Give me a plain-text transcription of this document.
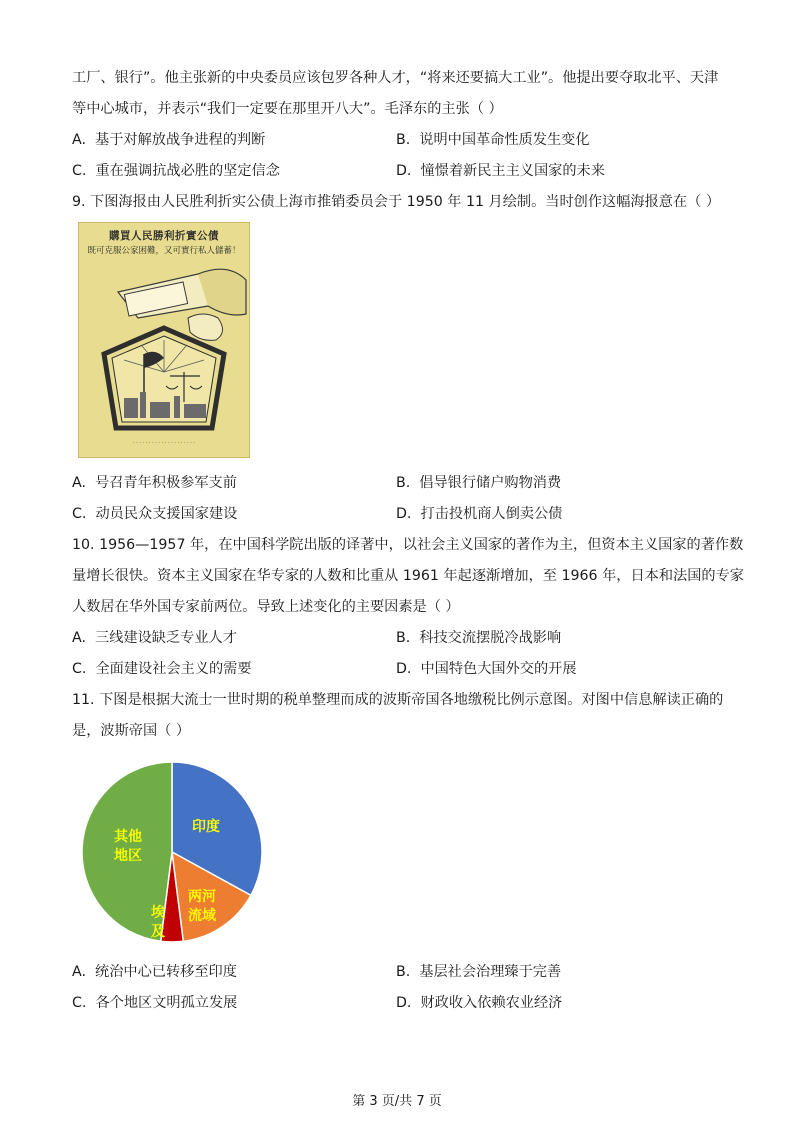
工厂、银行”。他主张新的中央委员应该包罗各种人才，“将来还要搞大工业”。他提出要夺取北平、天津
等中心城市，并表示“我们一定要在那里开八大”。毛泽东的主张（ ）
A. 基于对解放战争进程的判断	B. 说明中国革命性质发生变化
C. 重在强调抗战必胜的坚定信念	D. 憧憬着新民主主义国家的未来
9. 下图海报由人民胜利折实公债上海市推销委员会于 1950 年 11 月绘制。当时创作这幅海报意在（ ）
購買人民勝利折實公債
既可克服公家困難，又可實行私人儲蓄！
· · · · · · · · · · · · · · · · · · · ·
A. 号召青年积极参军支前	B. 倡导银行储户购物消费
C. 动员民众支援国家建设	D. 打击投机商人倒卖公债
10. 1956—1957 年，在中国科学院出版的译著中，以社会主义国家的著作为主，但资本主义国家的著作数
量增长很快。资本主义国家在华专家的人数和比重从 1961 年起逐渐增加，至 1966 年，日本和法国的专家
人数居在华外国专家前两位。导致上述变化的主要因素是（ ）
A. 三线建设缺乏专业人才	B. 科技交流摆脱冷战影响
C. 全面建设社会主义的需要	D. 中国特色大国外交的开展
11. 下图是根据大流士一世时期的税单整理而成的波斯帝国各地缴税比例示意图。对图中信息解读正确的
是，波斯帝国（ ）
印度
两河
流域
埃
及
其他
地区
A. 统治中心已转移至印度	B. 基层社会治理臻于完善
C. 各个地区文明孤立发展	D. 财政收入依赖农业经济
第 3 页/共 7 页
